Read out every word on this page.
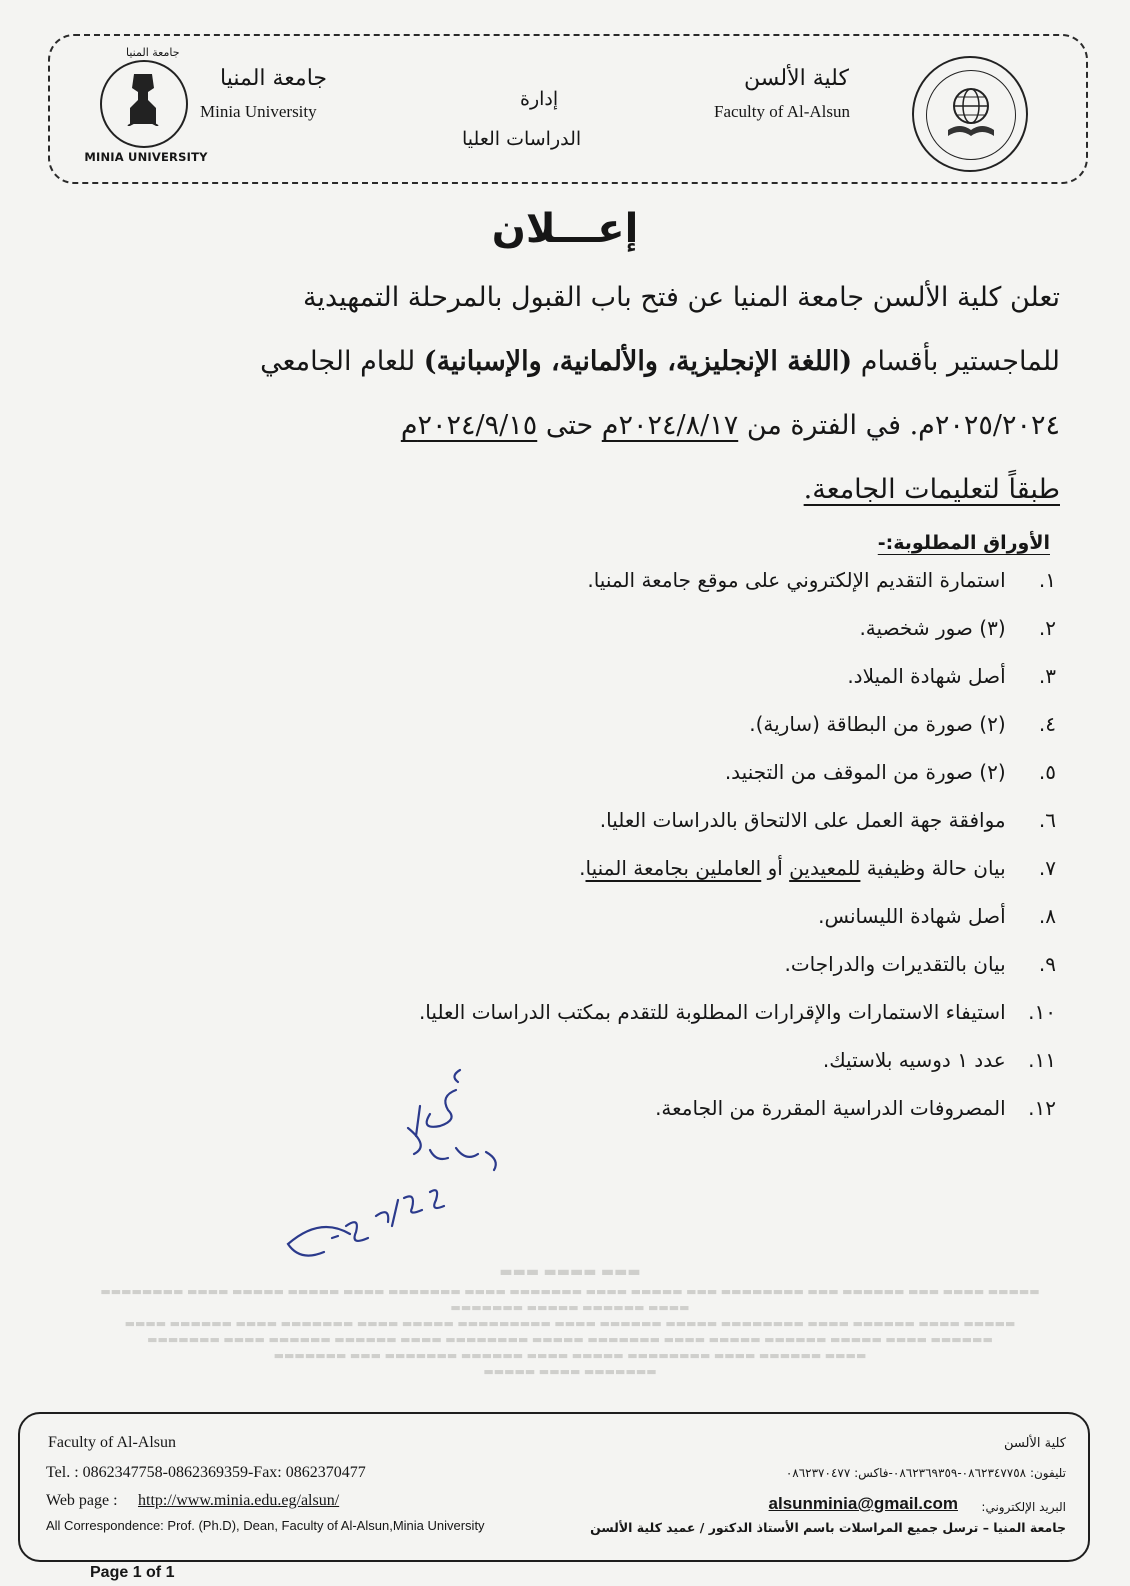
جامعة المنيا
MINIA UNIVERSITY
جامعة المنيا
Minia University
إدارة
الدراسات العليا
كلية الألسن
Faculty of Al-Alsun
إعـــلان
تعلن كلية الألسن جامعة المنيا عن فتح باب القبول بالمرحلة التمهيدية
للماجستير بأقسام (اللغة الإنجليزية، والألمانية، والإسبانية) للعام الجامعي
٢٠٢٥/٢٠٢٤م. في الفترة من ٢٠٢٤/٨/١٧م حتى ٢٠٢٤/٩/١٥م
طبقاً لتعليمات الجامعة.
الأوراق المطلوبة:-
١. استمارة التقديم الإلكتروني على موقع جامعة المنيا.
٢. (٣) صور شخصية.
٣. أصل شهادة الميلاد.
٤. (٢) صورة من البطاقة (سارية).
٥. (٢) صورة من الموقف من التجنيد.
٦. موافقة جهة العمل على الالتحاق بالدراسات العليا.
٧. بيان حالة وظيفية للمعيدين أو العاملين بجامعة المنيا.
٨. أصل شهادة الليسانس.
٩. بيان بالتقديرات والدراجات.
١٠. استيفاء الاستمارات والإقرارات المطلوبة للتقدم بمكتب الدراسات العليا.
١١. عدد ١ دوسيه بلاستيك.
١٢. المصروفات الدراسية المقررة من الجامعة.
▬▬▬ ▬▬▬▬ ▬▬▬
▬▬▬▬▬ ▬▬▬▬ ▬▬▬ ▬▬▬▬▬▬ ▬▬▬ ▬▬▬▬▬▬▬▬ ▬▬▬ ▬▬▬▬▬ ▬▬▬▬ ▬▬▬▬▬▬▬ ▬▬▬▬ ▬▬▬▬▬▬▬ ▬▬▬▬ ▬▬▬▬▬ ▬▬▬▬▬ ▬▬▬▬ ▬▬▬▬▬▬▬▬
▬▬▬▬ ▬▬▬▬▬▬ ▬▬▬▬▬ ▬▬▬▬▬▬▬
▬▬▬▬▬ ▬▬▬▬ ▬▬▬▬▬▬ ▬▬▬▬ ▬▬▬▬▬▬▬▬ ▬▬▬▬▬ ▬▬▬▬▬▬ ▬▬▬▬ ▬▬▬▬▬▬▬▬▬ ▬▬▬▬▬ ▬▬▬▬ ▬▬▬▬▬▬▬ ▬▬▬▬ ▬▬▬▬▬▬ ▬▬▬▬
▬▬▬▬▬▬ ▬▬▬▬ ▬▬▬▬▬ ▬▬▬▬▬▬ ▬▬▬▬▬ ▬▬▬▬ ▬▬▬▬▬▬▬ ▬▬▬▬▬ ▬▬▬▬▬▬▬▬ ▬▬▬▬ ▬▬▬▬▬▬ ▬▬▬▬▬▬ ▬▬▬▬ ▬▬▬▬▬▬▬
▬▬▬▬ ▬▬▬▬▬▬ ▬▬▬▬ ▬▬▬▬▬▬▬▬ ▬▬▬▬▬ ▬▬▬▬ ▬▬▬▬▬▬ ▬▬▬▬▬▬▬ ▬▬▬ ▬▬▬▬▬▬▬
▬▬▬▬▬▬▬ ▬▬▬▬ ▬▬▬▬▬
Faculty of Al-Alsun
Tel. : 0862347758-0862369359-Fax: 0862370477
Web page : http://www.minia.edu.eg/alsun/
All Correspondence: Prof. (Ph.D), Dean, Faculty of Al-Alsun,Minia University
كلية الألسن
تليفون: ٠٨٦٢٣٤٧٧٥٨-٠٨٦٢٣٦٩٣٥٩-فاكس: ٠٨٦٢٣٧٠٤٧٧
البريد الإلكتروني:
alsunminia@gmail.com
جامعة المنيا – ترسل جميع المراسلات باسم الأستاذ الدكتور / عميد كلية الألسن
Page 1 of 1
